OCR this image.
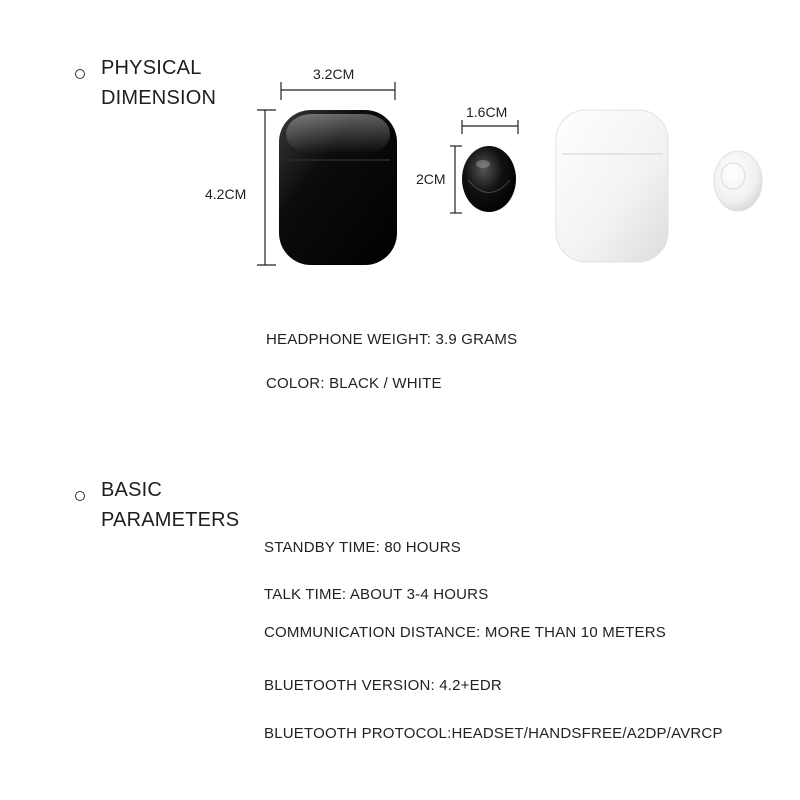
PHYSICAL
DIMENSION
3.2CM
4.2CM
1.6CM
2CM
HEADPHONE WEIGHT: 3.9 GRAMS
COLOR: BLACK / WHITE
BASIC
PARAMETERS
STANDBY TIME: 80 HOURS
TALK TIME: ABOUT 3-4 HOURS
COMMUNICATION DISTANCE: MORE THAN 10 METERS
BLUETOOTH VERSION: 4.2+EDR
BLUETOOTH PROTOCOL:HEADSET/HANDSFREE/A2DP/AVRCP
